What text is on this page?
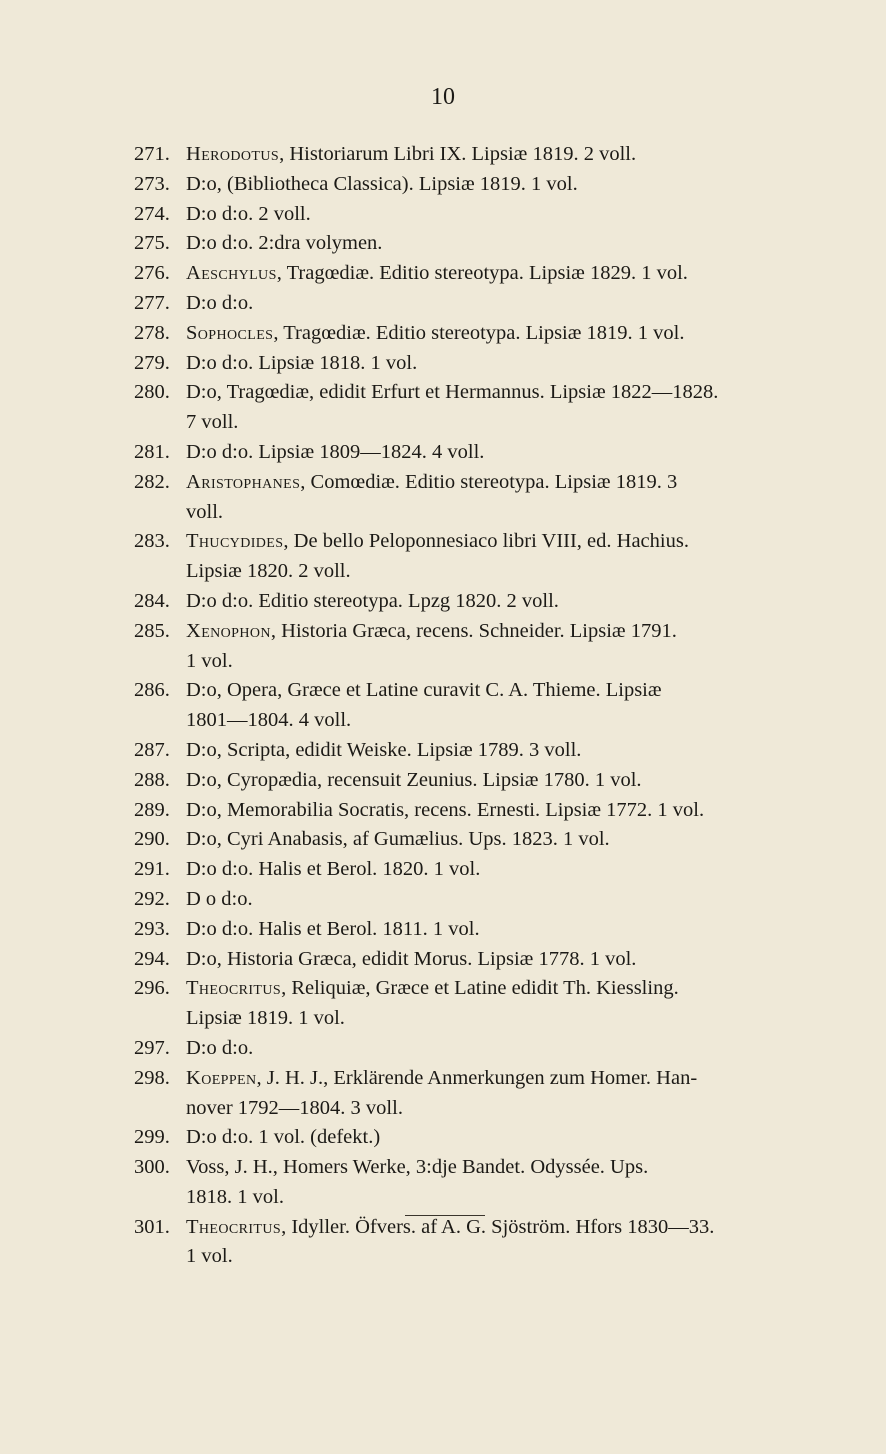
10
271. Herodotus, Historiarum Libri IX. Lipsiæ 1819. 2 voll.
273. D:o, (Bibliotheca Classica). Lipsiæ 1819. 1 vol.
274. D:o d:o. 2 voll.
275. D:o d:o. 2:dra volymen.
276. Aeschylus, Tragœdiæ. Editio stereotypa. Lipsiæ 1829. 1 vol.
277. D:o d:o.
278. Sophocles, Tragœdiæ. Editio stereotypa. Lipsiæ 1819. 1 vol.
279. D:o d:o. Lipsiæ 1818. 1 vol.
280. D:o, Tragœdiæ, edidit Erfurt et Hermannus. Lipsiæ 1822—1828.
7 voll.
281. D:o d:o. Lipsiæ 1809—1824. 4 voll.
282. Aristophanes, Comœdiæ. Editio stereotypa. Lipsiæ 1819. 3
voll.
283. Thucydides, De bello Peloponnesiaco libri VIII, ed. Hachius.
Lipsiæ 1820. 2 voll.
284. D:o d:o. Editio stereotypa. Lpzg 1820. 2 voll.
285. Xenophon, Historia Græca, recens. Schneider. Lipsiæ 1791.
1 vol.
286. D:o, Opera, Græce et Latine curavit C. A. Thieme. Lipsiæ
1801—1804. 4 voll.
287. D:o, Scripta, edidit Weiske. Lipsiæ 1789. 3 voll.
288. D:o, Cyropædia, recensuit Zeunius. Lipsiæ 1780. 1 vol.
289. D:o, Memorabilia Socratis, recens. Ernesti. Lipsiæ 1772. 1 vol.
290. D:o, Cyri Anabasis, af Gumælius. Ups. 1823. 1 vol.
291. D:o d:o. Halis et Berol. 1820. 1 vol.
292. D o d:o.
293. D:o d:o. Halis et Berol. 1811. 1 vol.
294. D:o, Historia Græca, edidit Morus. Lipsiæ 1778. 1 vol.
296. Theocritus, Reliquiæ, Græce et Latine edidit Th. Kiessling.
Lipsiæ 1819. 1 vol.
297. D:o d:o.
298. Koeppen, J. H. J., Erklärende Anmerkungen zum Homer. Han-
nover 1792—1804. 3 voll.
299. D:o d:o. 1 vol. (defekt.)
300. Voss, J. H., Homers Werke, 3:dje Bandet. Odyssée. Ups.
1818. 1 vol.
301. Theocritus, Idyller. Öfvers. af A. G. Sjöström. Hfors 1830—33.
1 vol.
